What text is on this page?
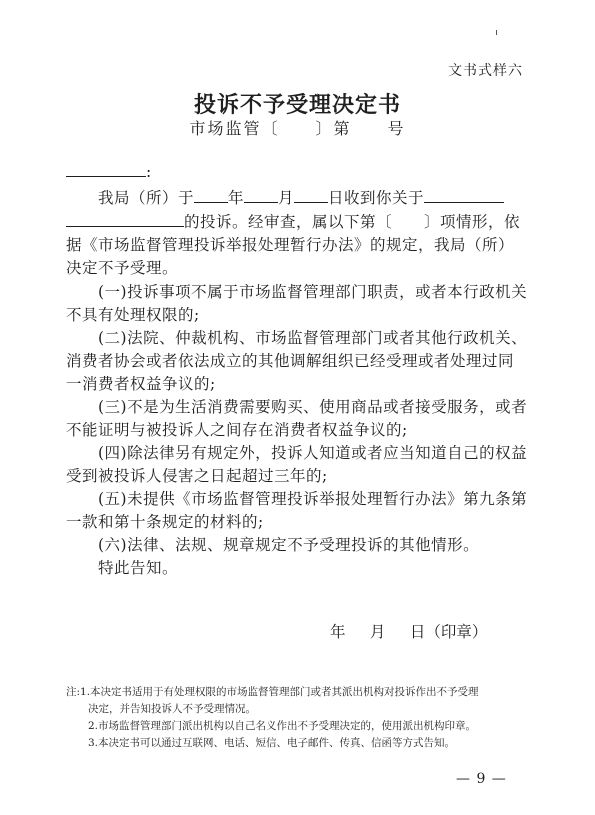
文书式样六
投诉不予受理决定书
市场监管〔　　〕第　　号
:

我局（所）于 年 月 日收到你关于的投诉。经审查，属以下第〔　　〕项情形，依据《市场监督管理投诉举报处理暂行办法》的规定，我局（所）决定不予受理。

(一)投诉事项不属于市场监督管理部门职责，或者本行政机关不具有处理权限的;

(二)法院、仲裁机构、市场监督管理部门或者其他行政机关、消费者协会或者依法成立的其他调解组织已经受理或者处理过同一消费者权益争议的;

(三)不是为生活消费需要购买、使用商品或者接受服务，或者不能证明与被投诉人之间存在消费者权益争议的;

(四)除法律另有规定外，投诉人知道或者应当知道自己的权益受到被投诉人侵害之日起超过三年的;

(五)未提供《市场监督管理投诉举报处理暂行办法》第九条第一款和第十条规定的材料的;

(六)法律、法规、规章规定不予受理投诉的其他情形。

特此告知。

年　 月　 日（印章）
注:1.本决定书适用于有处理权限的市场监督管理部门或者其派出机构对投诉作出不予受理
决定，并告知投诉人不予受理情况。
2.市场监督管理部门派出机构以自己名义作出不予受理决定的，使用派出机构印章。
3.本决定书可以通过互联网、电话、短信、电子邮件、传真、信函等方式告知。
— 9 —
